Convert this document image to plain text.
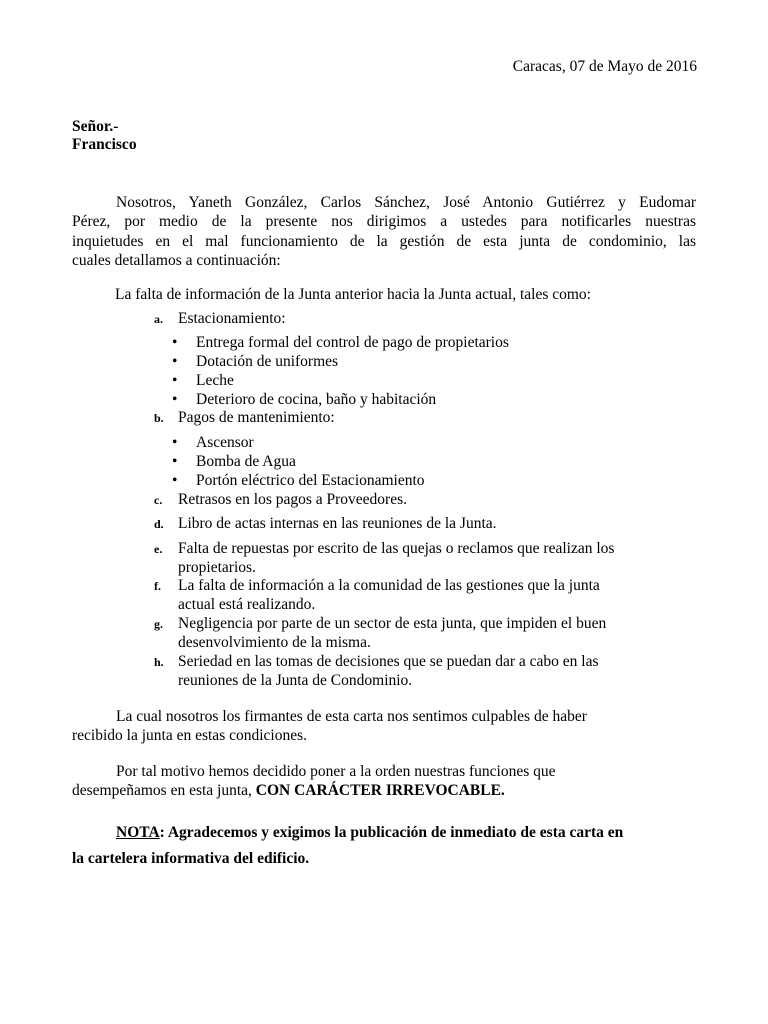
Caracas, 07 de Mayo de 2016
Señor.-
Francisco
Nosotros, Yaneth González, Carlos Sánchez, José Antonio Gutiérrez y Eudomar
Pérez, por medio de la presente nos dirigimos a ustedes para notificarles nuestras
inquietudes en el mal funcionamiento de la gestión de esta junta de condominio, las
cuales detallamos a continuación:
La falta de información de la Junta anterior hacia la Junta actual, tales como:
a. Estacionamiento:
• Entrega formal del control de pago de propietarios
• Dotación de uniformes
• Leche
• Deterioro de cocina, baño y habitación
b. Pagos de mantenimiento:
• Ascensor
• Bomba de Agua
• Portón eléctrico del Estacionamiento
c. Retrasos en los pagos a Proveedores.
d. Libro de actas internas en las reuniones de la Junta.
e. Falta de repuestas por escrito de las quejas o reclamos que realizan los
propietarios.
f. La falta de información a la comunidad de las gestiones que la junta
actual está realizando.
g. Negligencia por parte de un sector de esta junta, que impiden el buen
desenvolvimiento de la misma.
h. Seriedad en las tomas de decisiones que se puedan dar a cabo en las
reuniones de la Junta de Condominio.
La cual nosotros los firmantes de esta carta nos sentimos culpables de haber
recibido la junta en estas condiciones.
Por tal motivo hemos decidido poner a la orden nuestras funciones que
desempeñamos en esta junta, CON CARÁCTER IRREVOCABLE.
NOTA: Agradecemos y exigimos la publicación de inmediato de esta carta en
la cartelera informativa del edificio.
